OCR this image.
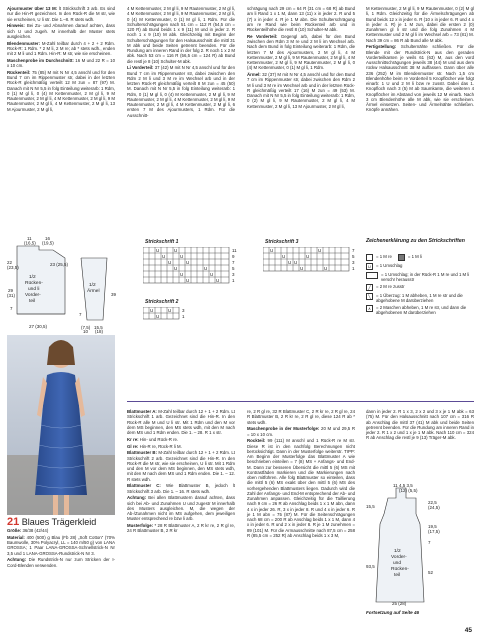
Ajourmuster über 13 M: lt Strickschrift 3 arb. Es sind nur die Hin-R gezeichnet. In den Rück-R die M str, wie sie erscheinen, U li str. Die 1.–8. R stets wdh.

Hinweis: Bei Zu- und Abnahmen darauf achten, dass sich U und zugeh. M innerhalb der Muster stets ausgleichen.

Blendenmuster: M-Zahl teilbar durch 4 + 2 + 2 Rdm. Rück-R: 1 Rdm. * 2 M li, 2 M re; ab * stets wdh., enden mit 2 M li und 1 Rdm. Hin-R: M str, wie sie erscheinen.

Maschenprobe im Durchschnitt: 16 M und 22 R = 10 x 10 cm.

Rückenteil: 75 (85) M mit N Nr 4,5 anschl und für den Bund 7 cm im Rippenmuster str, dabei in der letzten Rück-R gleichmäßig verteilt 12 M zun = 87 (97) M. Danach mit N Nr 5,5 in folg Einteilung weiterarb: 1 Rdm, 0 (1) M gl li, 0 (4) M Kettenmuster, 2 M gl li, 9 M Rautenmuster, 2 M gl li, 4 M Kettenmuster, 2 M gl li, 9 M Rautenmuster, 2 M gl li, 4 M Kettenmuster, 2 M gl li, 13 M Ajourmuster, 2 M gl li,

4 M Kettenmuster, 2 M gl li, 9 M Rautenmuster, 2 M gl li, 4 M Kettenmuster, 2 M gl li, 9 M Rautenmuster, 2 M gl li, 0 (4) M Kettenmuster, 0 (1) M gl li, 1 Rdm. Für die Schulterschrägungen nach 51 cm = 112 R (54,5 cm = 120 R) ab Bund beids 1 x 9 (11) M und in jeder 2. R noch 1 x 9 (10) M abk. Gleichzeitig mit Beginn der Schulterschrägungen für den Halsausschnitt die mittl 31 M abk und beide Seiten getrennt beenden. Für die Rundung am inneren Rand in der folg 2. R noch 1 x 2 M abk. Nach 53 cm = 116 R (56,5 cm = 124 R) ab Bund die restl je 8 (10) Schulter-M abk.

Li Vorderteil: 37 (42) M mit N Nr 4,5 anschl und für den Bund 7 cm im Rippenmuster str, dabei zwischen den Rdm 2 M li und 3 M re im Wechsel arb und in der letzten Rück-R gleichmäßig verteilt 8 M zun = 45 (50) M. Danach mit N Nr 5,5 in folg Einteilung weiterarb: 1 Rdm, 0 (1) M gl li, 0 (4) M Kettenmuster, 2 M gl li, 9 M Rautenmuster, 2 M gl li, 4 M Kettenmuster, 2 M gl li, 9 M Rautenmuster, 2 M gl li, 4 M Kettenmuster, 2 M gl li, 6 ersten 7 M des Ajourmusters, 1 Rdm. Für die Ausschnitt-

schrägung nach 29 cm = 64 R (31 cm = 68 R) ab Bund am li Rand 1 x 1 M, dann 13 (11) x in jeder 2. R und 5 (7) x in jeder 4. R je 1 M abn. Die Schulterschrägung am re Rand wie beim Rückenteil arb und in Rückenteilhöhe die restl 8 (10) Schulter-M abk.

Re Vorderteil: Gegengl arb, dabei für den Bund zwischen den Rdm 3 M re und 2 M li im Wechsel arb. Nach dem Bund in folg Einteilung weiterarb: 1 Rdm, die letzten 7 M des Ajourmusters, 2 M gl li, 4 M Kettenmuster, 2 M gl li, 9 M Rautenmuster, 2 M gl li, 4 M Kettenmuster, 2 M gl li, 9 M Rautenmuster, 2 M gl li, 0 (4) M Kettenmuster, 0 (1) M gl li, 1 Rdm.

Ärmel: 32 (37) M mit N Nr 4,5 anschl und für den Bund 7 cm im Rippenmuster str, dabei zwischen den Rdm 2 M li und 3 M re im Wechsel arb und in der letzten Rück-R gleichmäßig verteilt 17 (16) M zun = 49 (53) M. Danach mit N Nr 5,5 in folg Einteilung weiterarb: 1 Rdm, 0 (2) M gl li, 9 M Rautenmuster, 2 M gl li, 4 M Kettenmuster, 2 M gl li, 13 M Ajourmuster, 2 M gl li,

M Kettenmuster, 2 M gl li, 9 M Rautenmuster, 0 (2) M gl li, 1 Rdm. Gleichzeitig für die Ärmelschrägungen ab Bund beids 12 x in jeder 6. R (10 x in jeder 6. R und 4 x in jeder 4. R) je 1 M zun, dabei die ersten 2 (0) Zunahmen gl li str und die folg Zunahmen 4 M Kettenmuster und 2 M gl li im Wechsel arb = 73 (81) M. Nach 39 cm = 86 R ab Bund alle M abk.

Fertigstellung: Schulternähte schließen. Für die Blende mit der Rundstrick-N aus den geraden Vorderteilkanten je weils 61 (63) M, aus den vord Ausschnittschrägungen jeweils 38 (44) M und aus dem rückw Halsausschnitt 38 M auffassen. Dann über alle 236 (252) M im Blendenmuster str. Nach 1,5 cm Blendenhöhe beim re Vorderteil 5 Knopflöcher wie folgt einarb: 1 U und 2 M li bzw re zusstr. Dabei das 1. Knopfloch nach 3 (5) M ab Saumkante, die weiteren 4 Knopflöcher im Abstand von jeweils 12 M einarb. Nach 3 cm Blendenhöhe alle M abk, wie sie erscheinen. Ärmel einsetzen. Seiten- und Ärmelnähte schließen. Knöpfe annähen.

Blattmuster A: M-Zahl teilbar durch 12 + 1 + 2 Rdm. Lt Strickschrift 1 arb. Gezeichnet sind die Hin-R. In den Rück-R alle M und U li str. Mit 1 Rdm und den M vor dem MS beginnen, den MS stets wdh, mit den M nach dem MS und 1 Rdm enden. Die 1. – 28. R 1 x str.

Kr re: Hin- und Rück-R re.

Gl re: Hin-R re, Rück-R li M.

Blattmuster B: M-Zahl teilbar durch 12 + 1 + 2 Rdm. Lt Strickschrift 2 arb. Gezeichnet sind die Hin-R. In den Rück-R die M str, wie sie erscheinen, U li str. Mit 1 Rdm und den M vor dem MS beginnen, den MS stets wdh, mit den M nach dem MS und 1 Rdm enden. Die 1. – 12. R stets wdh.

Blattmuster C: Wie Blattmuster B, jedoch lt Strickschrift 3 arb. Die 1. – 16. R stets wdh.

Achtung: Bei allen Blattmustern darauf achten, dass sich bei Ab- und Zunahmen U und zugestr M innerhalb des Musters ausgleichen. M, die wegen der Ab-/Zunahmen nicht im MS aufgehen, dem jeweiligen Muster entsprechend re bzw li arb.

Musterfolge: * 28 R Blattmuster A, 2 R kr re, 2 R gl re, 24 R Blattmuster B, 2 R kr

re, 2 R gl re, 32 R Blattmuster C, 2 R kr re, 2 R gl re, 24 R Blattmuster B, 2 R kr re, 2 R gl re, diese 124 R ab * stets wdh.

Maschenprobe in der Musterfolge: 20 M und 29,5 R = 10 x 10 cm.

Rockteil: 99 (111) M anschl und 1 Rück-R re M str. Diese R ist in den nachfolg Berechnungen nicht berücksichtigt. Dann in der Musterfolge weiterstr. TIPP: Am Beginn der Musterfolge das Blattmuster A wie beschrieben einteilen = 7 (8) MS + Anfangs- und End-M. Dann zur besseren Übersicht die mittl 5 (6) MS mit Kontrastfäden markieren und die Markierungen nach oben mitführen. Alle folg Blattmuster so einteilen, dass die mittl 5 (6) MS exakt über den mittl 5 (6) MS des vorhergehenden Blattmusters liegen. Dadurch wird die Zahl der Anfangs- und End-M entsprechend der Ab- und Zunahmen anpassen. Gleichzeitig für die Taillierung nach 9 cm = 26 R ab Anschlag beids 1 x 1 M abn, dann 4 x in jeder 26. R, 3 x in jeder 8. R und 4 x in jeder 6. R je 1 M abn = 75 (87) M. Für die Seitenschrägungen nach 68 cm = 200 R ab Anschlag beids 1 x 1 M, dann 4 x in jeder 6. R und 2 x in jeder 8. R je 1 M zunehmen = 89 (101) M. Für die Armausschnitte nach 87,5 cm = 258 R (85,5 cm = 252 R) ab Anschlag beids 1 x 3 M,

dann in jeder 2. R 1 x 3, 2 x 2 und 3 x je 1 M abk = 63 (75) M. Für den Halsausschnitt nach 107 cm = 316 R ab Anschlag die mittl 37 (41) M abk und beide Seiten getrennt beenden. Für die Rundung am inneren Rand in jeder 2. R 1 x 2 und 1 x je 1 M abk. Nach 110 cm = 324 R ab Anschlag die restl je 9 (13) Träger-M abk.

Größe: 36/38 (42/44)

Material: 400 (500) g Blau (Fb 28) „Soft Cotton“ (70% Baumwolle, 30% Polyacryl, LL = 140 m/50 g) von LANA GROSSA; 1 Paar LANA-GROSSA-Schnellstrick-N Nr 3,5 und 1 LANA-GROSSA-Rundstrick-N Nr 3.

Achtung: Die Rundstrick-N nur zum Stricken der I-Cord-Blenden verwenden.

11
(16,5)
16
(19,5)
22
(23,5)
23 (25,5)
29
(31)
7
27 (30,5)
1/2
Rücken-
und li
Vorder-
teil
1/2
Ärmel
39
7
(7,5)
10
15,5
(18)
Strickschrift 1
U	U
U	U
U	U
U	U
U	U
U	U
11
9
7
5
3
1
Strickschrift 2
U	U
U
3
1
Strickschrift 3
U	U
U	U
U U
U	U
7
5
3
1
Zeichenerklärung zu den Strickschriften
= 1 M re	= 1 M li
U	= 1 Umschlag
= 1 Umschlag; in der Rück-R 1 M re und 1 M li verschr herausstr
╱	= 2 M re zusstr
╲	= 1 Überzug: 1 M abheben, 1 M re str und die abgehobene M darüberziehen
∧	= 2 Maschen abheben, 1 M re str, und dann die abgehobenen M darüberziehen
21 Blaues Trägerkleid
11 4,5 3,5
(12) (5,5)
15,5
22,5
(24,5)
19,5
(17,5)
7
93,5
52
1/2
Vorder-
und
Rücken-
teil
25 (28)
Fortsetzung auf Seite 46
45
